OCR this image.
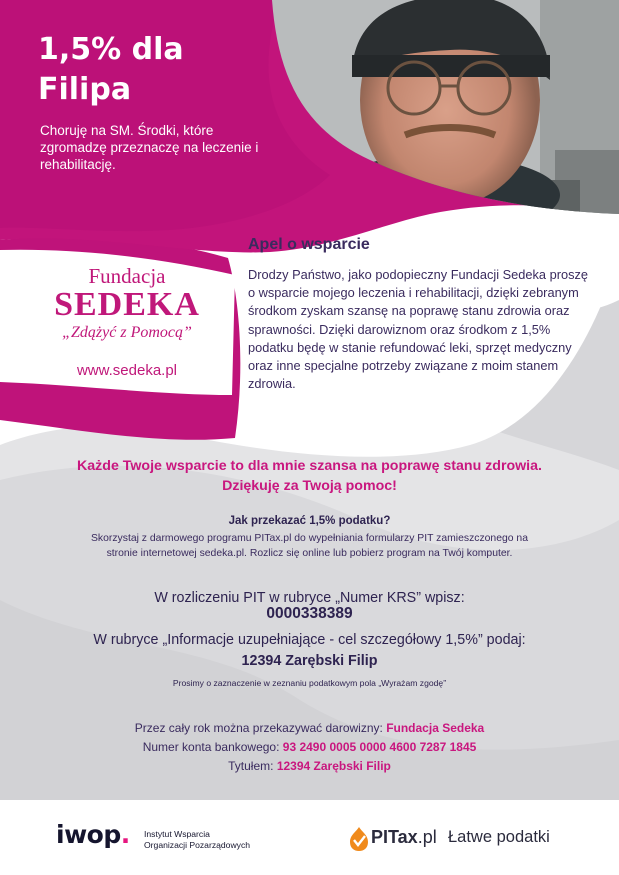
1,5% dla
Filipa
Choruję na SM. Środki, które zgromadzę przeznaczę na leczenie i rehabilitację.
Apel o wsparcie
Drodzy Państwo, jako podopieczny Fundacji Sedeka proszę o wsparcie mojego leczenia i rehabilitacji, dzięki zebranym środkom zyskam szansę na poprawę stanu zdrowia oraz sprawności. Dzięki darowiznom oraz środkom z 1,5% podatku będę w stanie refundować leki, sprzęt medyczny oraz inne specjalne potrzeby związane z moim stanem zdrowia.
Fundacja
SEDEKA
„Zdążyć z Pomocą”
www.sedeka.pl
Każde Twoje wsparcie to dla mnie szansa na poprawę stanu zdrowia.
Dziękuję za Twoją pomoc!
Jak przekazać 1,5% podatku?
Skorzystaj z darmowego programu PITax.pl do wypełniania formularzy PIT zamieszczonego na
stronie internetowej sedeka.pl. Rozlicz się online lub pobierz program na Twój komputer.
W rozliczeniu PIT w rubryce „Numer KRS” wpisz:
0000338389
W rubryce „Informacje uzupełniające - cel szczegółowy 1,5%” podaj:
12394 Zarębski Filip
Prosimy o zaznaczenie w zeznaniu podatkowym pola „Wyrażam zgodę”
Przez cały rok można przekazywać darowizny: Fundacja Sedeka
Numer konta bankowego: 93 2490 0005 0000 4600 7287 1845
Tytułem: 12394 Zarębski Filip
iwop. Instytut Wsparcia
Organizacji Pozarządowych	PITax.pl Łatwe podatki
